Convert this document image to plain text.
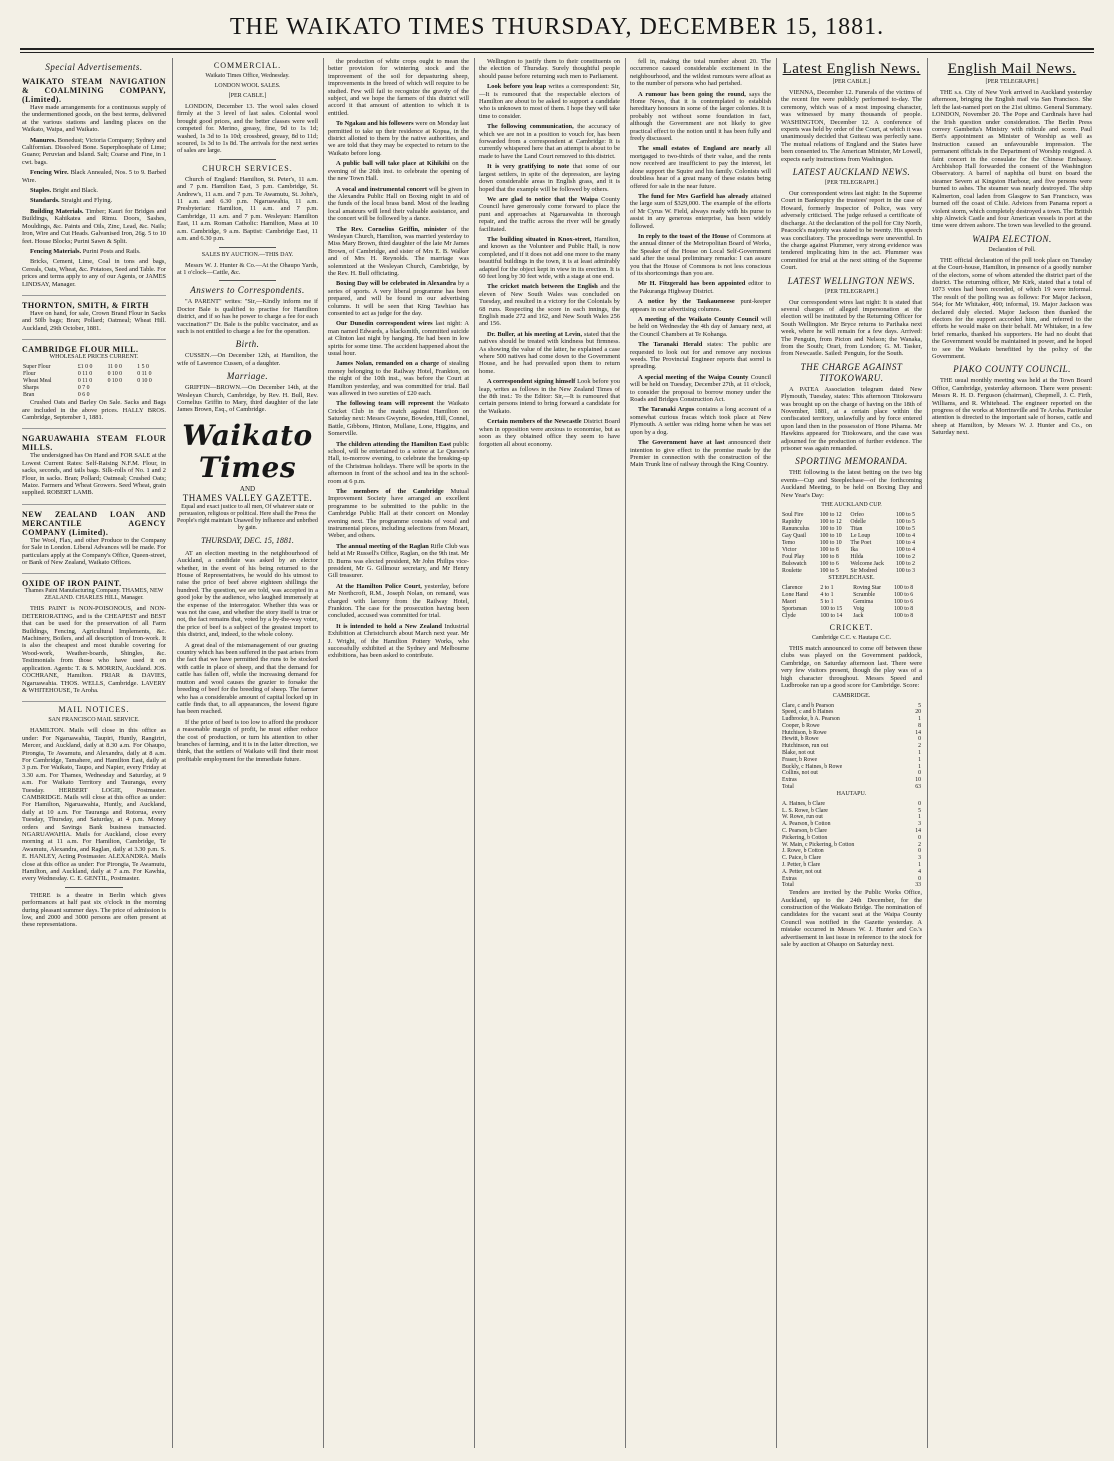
THE WAIKATO TIMES THURSDAY, DECEMBER 15, 1881.
Special Advertisements.
WAIKATO STEAM NAVIGATION & COALMINING COMPANY, (Limited).
Have made arrangements for a continuous supply of the undermentioned goods, on the best terms, delivered at the various stations and landing places on the Waikato, Waipa, and Waikato.
Manures. Bonedust; Victoria Company; Sydney and Californian. Dissolved Bone. Superphosphate of Lime; Guano; Peruvian and Island. Salt; Coarse and Fine, in 1 cwt. bags.
Fencing Wire. Black Annealed, Nos. 5 to 9. Barbed Wire.
Staples. Bright and Black.
Standards. Straight and Flying.
Building Materials. Timber; Kauri for Bridges and Buildings, Kahikatea and Rimu. Doors, Sashes, Mouldings, &c. Paints and Oils, Zinc, Lead, &c. Nails; Iron, Wire and Cut Heads. Galvanised Iron, 26g. 5 to 10 feet. House Blocks; Purini Sawn & Split.
Fencing Materials. Purini Posts and Rails.
Bricks, Cement, Lime, Coal in tons and bags, Cereals, Oats, Wheat, &c. Potatoes, Seed and Table. For prices and terms apply to any of our Agents, or JAMES LINDSAY, Manager.
THORNTON, SMITH, & FIRTH
Have on hand, for sale, Crown Brand Flour in Sacks and 50lb bags; Bran; Pollard; Oatmeal; Wheat Hill. Auckland, 29th October, 1881.
CAMBRIDGE FLOUR MILL.
WHOLESALE PRICES CURRENT.
Super Flour	£1 0 0	11 0 0	1 5 0
Flour	0 11 0	0 10 0	0 11 0
Wheat Meal	0 11 0	0 10 0	0 10 0
Sharps	0 7 0		
Bran	0 6 0		
Crushed Oats and Barley On Sale. Sacks and Bags are included in the above prices. HALLY BROS. Cambridge, September 1, 1881.
NGARUAWAHIA STEAM FLOUR MILLS.
The undersigned has On Hand and FOR SALE at the Lowest Current Rates: Self-Raising N.F.M. Flour, in sacks, seconds, and tails bags. Silk-rolls of No. 1 and 2 Flour, in sacks. Bran; Pollard; Oatmeal; Crushed Oats; Maize. Farmers and Wheat Growers. Seed Wheat, grain supplied. ROBERT LAMB.
NEW ZEALAND LOAN AND MERCANTILE AGENCY COMPANY (Limited).
The Wool, Flax, and other Produce to the Company for Sale in London. Liberal Advances will be made. For particulars apply at the Company's Office, Queen-street, or Bank of New Zealand, Waikato Offices.
OXIDE OF IRON PAINT.
Thames Paint Manufacturing Company. THAMES, NEW ZEALAND. CHARLES HILL, Manager.
THIS PAINT is NON-POISONOUS, and NON-DETERIORATING, and is the CHEAPEST and BEST that can be used for the preservation of all Farm Buildings, Fencing, Agricultural Implements, &c. Machinery, Boilers, and all description of Iron-work. It is also the cheapest and most durable covering for Wood-work, Weather-boards, Shingles, &c. Testimonials from those who have used it on application. Agents: T. & S. MORRIN, Auckland. JOS. COCHRANE, Hamilton. FRIAR & DAVIES, Ngaruawahia. THOS. WELLS, Cambridge. LAVERY & WHITEHOUSE, Te Aroha.
MAIL NOTICES.
SAN FRANCISCO MAIL SERVICE.
HAMILTON. Mails will close in this office as under: For Ngaruawahia, Taupiri, Huntly, Rangiriri, Mercer, and Auckland, daily at 8.30 a.m. For Ohaupo, Pirongia, Te Awamutu, and Alexandra, daily at 8 a.m. For Cambridge, Tamahere, and Hamilton East, daily at 3 p.m. For Waikato, Taupo, and Napier, every Friday at 3.30 a.m. For Thames, Wednesday and Saturday, at 9 a.m. For Waikato Territory and Tauranga, every Tuesday. HERBERT LOGIE, Postmaster. CAMBRIDGE. Mails will close at this office as under: For Hamilton, Ngaruawahia, Huntly, and Auckland, daily at 10 a.m. For Tauranga and Rotorua, every Tuesday, Thursday, and Saturday, at 4 p.m. Money orders and Savings Bank business transacted. NGARUAWAHIA. Mails for Auckland, close every morning at 11 a.m. For Hamilton, Cambridge, Te Awamutu, Alexandra, and Raglan, daily at 3.30 p.m. S. E. HANLEY, Acting Postmaster. ALEXANDRA. Mails close at this office as under: For Pirongia, Te Awamutu, Hamilton, and Auckland, daily at 7 a.m. For Kawhia, every Wednesday. C. E. GENTIL, Postmaster.
THERE is a theatre in Berlin which gives performances at half past six o'clock in the morning during pleasant summer days. The price of admission is low, and 2000 and 3000 persons are often present at these representations.
COMMERCIAL.
Waikato Times Office, Wednesday.
LONDON WOOL SALES.
[PER CABLE.]
LONDON, December 13. The wool sales closed firmly at the 3 level of last sales. Colonial wool brought good prices, and the better classes were well competed for. Merino, greasy, fine, 9d to 1s 1d; washed, 1s 3d to 1s 10d; crossbred, greasy, 8d to 11d; scoured, 1s 3d to 1s 8d. The arrivals for the next series of sales are large.
CHURCH SERVICES.
Church of England: Hamilton, St. Peter's, 11 a.m. and 7 p.m. Hamilton East, 3 p.m. Cambridge, St. Andrew's, 11 a.m. and 7 p.m. Te Awamutu, St. John's, 11 a.m. and 6.30 p.m. Ngaruawahia, 11 a.m. Presbyterian: Hamilton, 11 a.m. and 7 p.m. Cambridge, 11 a.m. and 7 p.m. Wesleyan: Hamilton East, 11 a.m. Roman Catholic: Hamilton, Mass at 10 a.m. Cambridge, 9 a.m. Baptist: Cambridge East, 11 a.m. and 6.30 p.m.
SALES BY AUCTION.—THIS DAY.
Messrs W. J. Hunter & Co.—At the Ohaupo Yards, at 1 o'clock—Cattle, &c.
Answers to Correspondents.
"A PARENT" writes: "Sir,—Kindly inform me if Doctor Bale is qualified to practise for Hamilton district, and if so has he power to charge a fee for each vaccination?" Dr. Bale is the public vaccinator, and as such is not entitled to charge a fee for the operation.
Birth.
CUSSEN.—On December 12th, at Hamilton, the wife of Lawrence Cussen, of a daughter.
Marriage.
GRIFFIN—BROWN.—On December 14th, at the Wesleyan Church, Cambridge, by Rev. H. Bull, Rev. Cornelius Griffin to Mary, third daughter of the late James Brown, Esq., of Cambridge.
Waikato Times
AND
THAMES VALLEY GAZETTE.
Equal and exact justice to all men, Of whatever state or persuasion, religious or political. Here shall the Press the People's right maintain Unawed by influence and unbribed by gain.
THURSDAY, DEC. 15, 1881.
AT an election meeting in the neighbourhood of Auckland, a candidate was asked by an elector whether, in the event of his being returned to the House of Representatives, he would do his utmost to raise the price of beef above eighteen shillings the hundred. The question, we are told, was accepted in a good joke by the audience, who laughed immensely at the expense of the interrogator. Whether this was or was not the case, and whether the story itself is true or not, the fact remains that, voted by a by-the-way voter, the price of beef is a subject of the greatest import to this district, and, indeed, to the whole colony.
A great deal of the mismanagement of our grazing country which has been suffered in the past arises from the fact that we have permitted the runs to be stocked with cattle in place of sheep, and that the demand for cattle has fallen off, while the increasing demand for mutton and wool causes the grazier to forsake the breeding of beef for the breeding of sheep. The farmer who has a considerable amount of capital locked up in cattle finds that, to all appearances, the lowest figure has been reached.
If the price of beef is too low to afford the producer a reasonable margin of profit, he must either reduce the cost of production, or turn his attention to other branches of farming, and it is in the latter direction, we think, that the settlers of Waikato will find their most profitable employment for the immediate future.
the production of white crops ought to mean the better provision for wintering stock and the improvement of the soil for depasturing sheep, improvements in the breed of which will require to be studied. Few will fail to recognize the gravity of the subject, and we hope the farmers of this district will accord it that amount of attention to which it is entitled.
To Ngakau and his followers were on Monday last permitted to take up their residence at Kopua, in the district allotted to them by the native authorities, and we are told that they may be expected to return to the Waikato before long.
A public ball will take place at Kihikihi on the evening of the 26th inst. to celebrate the opening of the new Town Hall.
A vocal and instrumental concert will be given in the Alexandra Public Hall on Boxing night in aid of the funds of the local brass band. Most of the leading local amateurs will lend their valuable assistance, and the concert will be followed by a dance.
The Rev. Cornelius Griffin, minister of the Wesleyan Church, Hamilton, was married yesterday to Miss Mary Brown, third daughter of the late Mr James Brown, of Cambridge, and sister of Mrs E. B. Walker and of Mrs H. Reynolds. The marriage was solemnized at the Wesleyan Church, Cambridge, by the Rev. H. Bull officiating.
Boxing Day will be celebrated in Alexandra by a series of sports. A very liberal programme has been prepared, and will be found in our advertising columns. It will be seen that King Tawhiao has consented to act as judge for the day.
Our Dunedin correspondent wires last night: A man named Edwards, a blacksmith, committed suicide at Clinton last night by hanging. He had been in low spirits for some time. The accident happened about the usual hour.
James Nolan, remanded on a charge of stealing money belonging to the Railway Hotel, Frankton, on the night of the 10th inst., was before the Court at Hamilton yesterday, and was committed for trial. Bail was allowed in two sureties of £20 each.
The following team will represent the Waikato Cricket Club in the match against Hamilton on Saturday next: Messrs Gwynne, Bowden, Hill, Connel, Battle, Gibbons, Hinton, Mullane, Lone, Higgins, and Somerville.
The children attending the Hamilton East public school, will be entertained to a soiree at Le Quesne's Hall, to-morrow evening, to celebrate the breaking-up of the Christmas holidays. There will be sports in the afternoon in front of the school and tea in the school-room at 6 p.m.
The members of the Cambridge Mutual Improvement Society have arranged an excellent programme to be submitted to the public in the Cambridge Public Hall at their concert on Monday evening next. The programme consists of vocal and instrumental pieces, including selections from Mozart, Weber, and others.
The annual meeting of the Raglan Rifle Club was held at Mr Russell's Office, Raglan, on the 9th inst. Mr D. Burns was elected president, Mr John Philips vice-president, Mr G. Gillmour secretary, and Mr Henry Gill treasurer.
At the Hamilton Police Court, yesterday, before Mr Northcroft, R.M., Joseph Nolan, on remand, was charged with larceny from the Railway Hotel, Frankton. The case for the prosecution having been concluded, accused was committed for trial.
It is intended to hold a New Zealand Industrial Exhibition at Christchurch about March next year. Mr J. Wright, of the Hamilton Pottery Works, who successfully exhibited at the Sydney and Melbourne exhibitions, has been asked to contribute.
Wellington to justify them to their constituents on the election of Thursday. Surely thoughtful people should pause before returning such men to Parliament.
Look before you leap writes a correspondent: Sir,—It is rumoured that the respectable electors of Hamilton are about to be asked to support a candidate who is unknown to most of them. I hope they will take time to consider.
The following communication, the accuracy of which we are not in a position to vouch for, has been forwarded from a correspondent at Cambridge: It is currently whispered here that an attempt is about to be made to have the Land Court removed to this district.
It is very gratifying to note that some of our largest settlers, in spite of the depression, are laying down considerable areas in English grass, and it is hoped that the example will be followed by others.
We are glad to notice that the Waipa County Council have generously come forward to place the punt and approaches at Ngaruawahia in thorough repair, and the traffic across the river will be greatly facilitated.
The building situated in Knox-street, Hamilton, and known as the Volunteer and Public Hall, is now completed, and if it does not add one more to the many beautiful buildings in the town, it is at least admirably adapted for the object kept in view in its erection. It is 60 feet long by 30 feet wide, with a stage at one end.
The cricket match between the English and the eleven of New South Wales was concluded on Tuesday, and resulted in a victory for the Colonials by 68 runs. Respecting the score in each innings, the English made 272 and 162, and New South Wales 256 and 156.
Dr. Buller, at his meeting at Levin, stated that the natives should be treated with kindness but firmness. As showing the value of the latter, he explained a case where 500 natives had come down to the Government House, and he had prevailed upon them to return home.
A correspondent signing himself Look before you leap, writes as follows in the New Zealand Times of the 8th inst.: To the Editor: Sir,—It is rumoured that certain persons intend to bring forward a candidate for the Waikato.
Certain members of the Newcastle District Board when in opposition were anxious to economise, but as soon as they obtained office they seem to have forgotten all about economy.
fell in, making the total number about 20. The occurrence caused considerable excitement in the neighbourhood, and the wildest rumours were afloat as to the number of persons who had perished.
A rumour has been going the round, says the Home News, that it is contemplated to establish hereditary honours in some of the larger colonies. It is probably not without some foundation in fact, although the Government are not likely to give practical effect to the notion until it has been fully and freely discussed.
The small estates of England are nearly all mortgaged to two-thirds of their value, and the rents now received are insufficient to pay the interest, let alone support the Squire and his family. Colonists will doubtless hear of a great many of these estates being offered for sale in the near future.
The fund for Mrs Garfield has already attained the large sum of $329,000. The example of the efforts of Mr Cyrus W. Field, always ready with his purse to assist in any generous enterprise, has been widely followed.
In reply to the toast of the House of Commons at the annual dinner of the Metropolitan Board of Works, the Speaker of the House on Local Self-Government said after the usual preliminary remarks: I can assure you that the House of Commons is not less conscious of its shortcomings than you are.
Mr H. Fitzgerald has been appointed editor to the Pakuranga Highway District.
A notice by the Taukaueneese punt-keeper appears in our advertising columns.
A meeting of the Waikato County Council will be held on Wednesday the 4th day of January next, at the Council Chambers at Te Kohanga.
The Taranaki Herald states: The public are requested to look out for and remove any noxious weeds. The Provincial Engineer reports that sorrel is spreading.
A special meeting of the Waipa County Council will be held on Tuesday, December 27th, at 11 o'clock, to consider the proposal to borrow money under the Roads and Bridges Construction Act.
The Taranaki Argus contains a long account of a somewhat curious fracas which took place at New Plymouth. A settler was riding home when he was set upon by a dog.
The Government have at last announced their intention to give effect to the promise made by the Premier in connection with the construction of the Main Trunk line of railway through the King Country.
Latest English News.
[PER CABLE.]
VIENNA, December 12. Funerals of the victims of the recent fire were publicly performed to-day. The ceremony, which was of a most imposing character, was witnessed by many thousands of people. WASHINGTON, December 12. A conference of experts was held by order of the Court, at which it was unanimously decided that Guiteau was perfectly sane. The mutual relations of England and the States have been consented to. The American Minister, Mr Lowell, expects early instructions from Washington.
LATEST AUCKLAND NEWS.
[PER TELEGRAPH.]
Our correspondent wires last night: In the Supreme Court in Bankruptcy the trustees' report in the case of Howard, formerly Inspector of Police, was very adversely criticised. The judge refused a certificate of discharge. At the declaration of the poll for City North, Peacock's majority was stated to be twenty. His speech was conciliatory. The proceedings were uneventful. In the charge against Plummer, very strong evidence was tendered implicating him in the act. Plummer was committed for trial at the next sitting of the Supreme Court.
LATEST WELLINGTON NEWS.
[PER TELEGRAPH.]
Our correspondent wires last night: It is stated that several charges of alleged impersonation at the election will be instituted by the Returning Officer for South Wellington. Mr Bryce returns to Parihaka next week, where he will remain for a few days. Arrived: The Penguin, from Picton and Nelson; the Wanaka, from the South; Orari, from London; G. M. Tasker, from Newcastle. Sailed: Penguin, for the South.
THE CHARGE AGAINST TITOKOWARU.
A PATEA Association telegram dated New Plymouth, Tuesday, states: This afternoon Titokowaru was brought up on the charge of having on the 18th of November, 1881, at a certain place within the confiscated territory, unlawfully and by force entered upon land then in the possession of Hone Pihama. Mr Hawkins appeared for Titokowaru, and the case was adjourned for the production of further evidence. The prisoner was again remanded.
SPORTING MEMORANDA.
THE following is the latest betting on the two big events—Cup and Steeplechase—of the forthcoming Auckland Meeting, to be held on Boxing Day and New Year's Day:
THE AUCKLAND CUP.
Soul Fire	100 to 12	Orfeo	100 to 5
Rapidity	100 to 12	Odelle	100 to 5
Ranunculus	100 to 10	Titan	100 to 5
Gay Quail	100 to 10	Le Loup	100 to 4
Temo	100 to 10	The Poet	100 to 4
Victor	100 to 8	Ika	100 to 4
Foul Play	100 to 8	Hilda	100 to 2
Bulswatch	100 to 6	Welcome Jack	100 to 2
Roulette	100 to 5	Sir Modred	100 to 3
STEEPLECHASE.
Clarence	2 to 1	Roving Star	100 to 8
Lone Hand	4 to 1	Scramble	100 to 6
Maori	5 to 1	Gemima	100 to 6
Sportsman	100 to 15	Voig	100 to 8
Clyde	100 to 14	Jack	100 to 8
CRICKET.
Cambridge C.C. v. Hautapu C.C.
THIS match announced to come off between these clubs was played on the Government paddock, Cambridge, on Saturday afternoon last. There were very few visitors present, though the play was of a high character throughout. Messrs Speed and Ludbrooke ran up a good score for Cambridge. Score:
CAMBRIDGE.
Clare, c and b Pearson	5
Speed, c and b Haines	20
Ludbrooke, b A. Pearson	1
Cooper, b Rowe	8
Hutchison, b Rowe	14
Hewitt, b Rowe	0
Hutchinson, run out	2
Blake, not out	1
Fraser, b Rowe	1
Buckly, c Haines, b Rowe	1
Collins, not out	0
Extras	10
Total	63
HAUTAPU.
A. Haines, b Clare	0
L. S. Rowe, b Clare	5
W. Rowe, run out	1
A. Pearson, b Cotton	3
C. Pearson, b Clare	14
Pickering, b Cotton	0
W. Main, c Pickering, b Cotton	2
J. Rowe, b Cotton	0
C. Paice, b Clare	3
J. Petter, b Clare	1
A. Petter, not out	4
Extras	0
Total	33
Tenders are invited by the Public Works Office, Auckland, up to the 24th December, for the construction of the Waikato Bridge. The nomination of candidates for the vacant seat at the Waipa County Council was notified in the Gazette yesterday. A mistake occurred in Messrs W. J. Hunter and Co.'s advertisement in last issue in reference to the stock for sale by auction at Ohaupo on Saturday next.
English Mail News.
[PER TELEGRAPH.]
THE s.s. City of New York arrived in Auckland yesterday afternoon, bringing the English mail via San Francisco. She left the last-named port on the 21st ultimo. General Summary. LONDON, November 20. The Pope and Cardinals have had the Irish question under consideration. The Berlin Press convey Gambetta's Ministry with ridicule and scorn. Paul Bert's appointment as Minister of Worship as well as Instruction caused an unfavourable impression. The permanent officials in the Department of Worship resigned. A faint concert in the consulate for the Chinese Embassy. Archbishop Hall forwarded the consent of the Washington Observatory. A barrel of naphtha oil burst on board the steamer Severn at Kingston Harbour, and five persons were burned to ashes. The steamer was nearly destroyed. The ship Kalmerton, coal laden from Glasgow to San Francisco, was burned off the coast of Chile. Advices from Panama report a violent storm, which completely destroyed a town. The British ship Alnwick Castle and four American vessels in port at the time were driven ashore. The town was levelled to the ground.
WAIPA ELECTION.
Declaration of Poll.
THE official declaration of the poll took place on Tuesday at the Court-house, Hamilton, in presence of a goodly number of the electors, some of whom attended the district part of the district. The returning officer, Mr Kirk, stated that a total of 1073 votes had been recorded, of which 19 were informal. The result of the polling was as follows: For Major Jackson, 564; for Mr Whitaker, 490; informal, 19. Major Jackson was declared duly elected. Major Jackson then thanked the electors for the support accorded him, and referred to the efforts he would make on their behalf. Mr Whitaker, in a few brief remarks, thanked his supporters. He had no doubt that the Government would be maintained in power, and he hoped to see the Waikato benefitted by the policy of the Government.
PIAKO COUNTY COUNCIL.
THE usual monthly meeting was held at the Town Board Office, Cambridge, yesterday afternoon. There were present: Messrs R. H. D. Ferguson (chairman), Chepmell, J. C. Firth, Williams, and R. Whitehead. The engineer reported on the progress of the works at Morrinsville and Te Aroha. Particular attention is directed to the important sale of horses, cattle and sheep at Hamilton, by Messrs W. J. Hunter and Co., on Saturday next.
